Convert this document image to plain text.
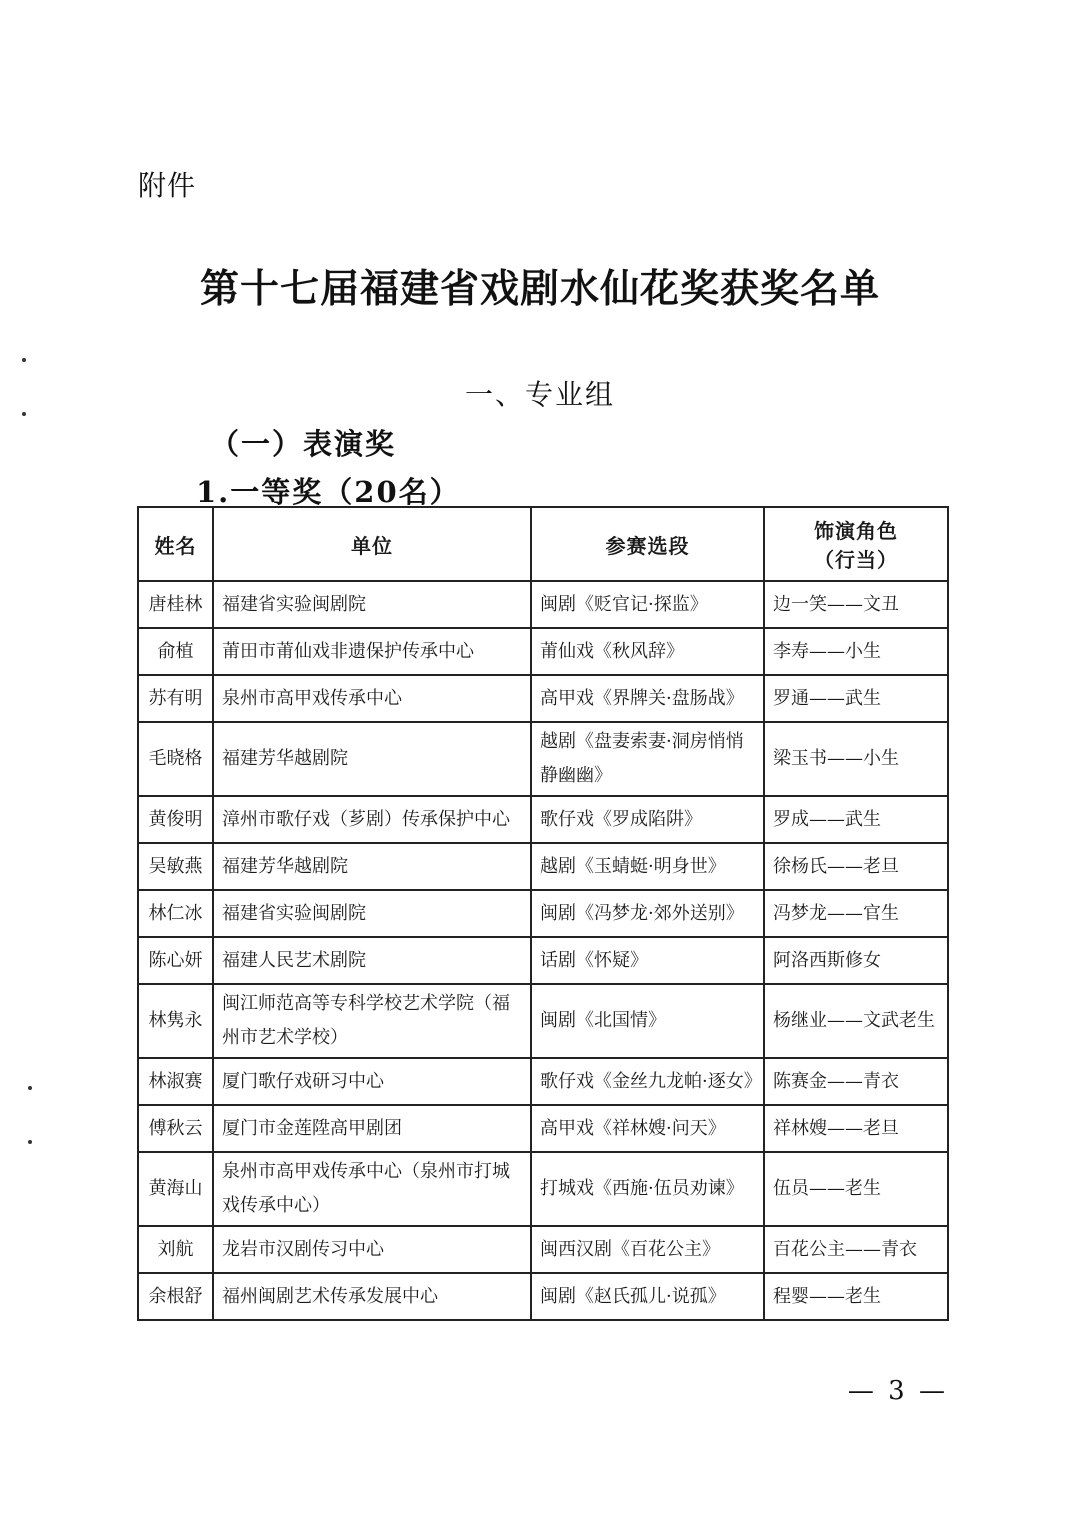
附件
第十七届福建省戏剧水仙花奖获奖名单
一、专业组
（一）表演奖
1.一等奖（20名）
姓名	单位	参赛选段	饰演角色
（行当）

唐桂林	福建省实验闽剧院	闽剧《贬官记·探监》	边一笑——文丑
俞植	莆田市莆仙戏非遗保护传承中心	莆仙戏《秋风辞》	李寿——小生
苏有明	泉州市高甲戏传承中心	高甲戏《界牌关·盘肠战》	罗通——武生
毛晓格	福建芳华越剧院	越剧《盘妻索妻·洞房悄悄静幽幽》	梁玉书——小生
黄俊明	漳州市歌仔戏（芗剧）传承保护中心	歌仔戏《罗成陷阱》	罗成——武生
吴敏燕	福建芳华越剧院	越剧《玉蜻蜓·明身世》	徐杨氏——老旦
林仁冰	福建省实验闽剧院	闽剧《冯梦龙·郊外送别》	冯梦龙——官生
陈心妍	福建人民艺术剧院	话剧《怀疑》	阿洛西斯修女
林隽永	闽江师范高等专科学校艺术学院（福州市艺术学校）	闽剧《北国情》	杨继业——文武老生
林淑赛	厦门歌仔戏研习中心	歌仔戏《金丝九龙帕·逐女》	陈赛金——青衣
傅秋云	厦门市金莲陞高甲剧团	高甲戏《祥林嫂·问天》	祥林嫂——老旦
黄海山	泉州市高甲戏传承中心（泉州市打城戏传承中心）	打城戏《西施·伍员劝谏》	伍员——老生
刘航	龙岩市汉剧传习中心	闽西汉剧《百花公主》	百花公主——青衣
余根舒	福州闽剧艺术传承发展中心	闽剧《赵氏孤儿·说孤》	程婴——老生
— 3 —
